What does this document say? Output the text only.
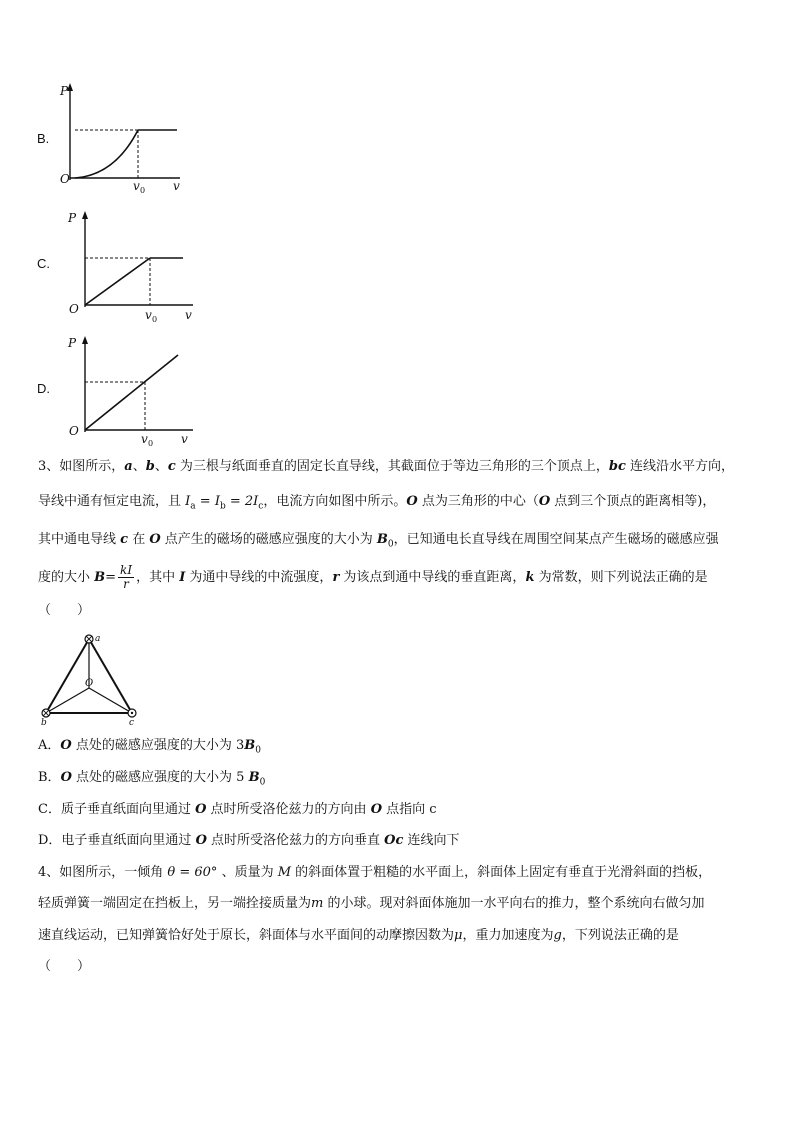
B.
P
O	v 0 v
C.
P
O	v 0 v
D.
P
O
v 0 v
3、如图所示，a、b、c 为三根与纸面垂直的固定长直导线，其截面位于等边三角形的三个顶点上，bc 连线沿水平方向，
导线中通有恒定电流，且 $I_a = I_b = 2I_c$，电流方向如图中所示。O 点为三角形的中心（O 点到三个顶点的距离相等)，
其中通电导线 c 在 O 点产生的磁场的磁感应强度的大小为 $B_0$，已知通电长直导线在周围空间某点产生磁场的磁感应强
度的大小 $B= \frac{kI}{r}$ ，其中 I 为通中导线的中流强度，r 为该点到通中导线的垂直距离，k 为常数，则下列说法正确的是
（　　）
a
b	c
O
A．O 点处的磁感应强度的大小为 $3B_0$
B．O 点处的磁感应强度的大小为 5 $B_0$
C．质子垂直纸面向里通过 O 点时所受洛伦兹力的方向由 O 点指向 c
D．电子垂直纸面向里通过 O 点时所受洛伦兹力的方向垂直 Oc 连线向下
4、如图所示，一倾角 θ = 60° 、质量为 M 的斜面体置于粗糙的水平面上，斜面体上固定有垂直于光滑斜面的挡板，
轻质弹簧一端固定在挡板上，另一端拴接质量为m 的小球。现对斜面体施加一水平向右的推力，整个系统向右做匀加
速直线运动，已知弹簧恰好处于原长，斜面体与水平面间的动摩擦因数为μ，重力加速度为g，下列说法正确的是
（　　）
